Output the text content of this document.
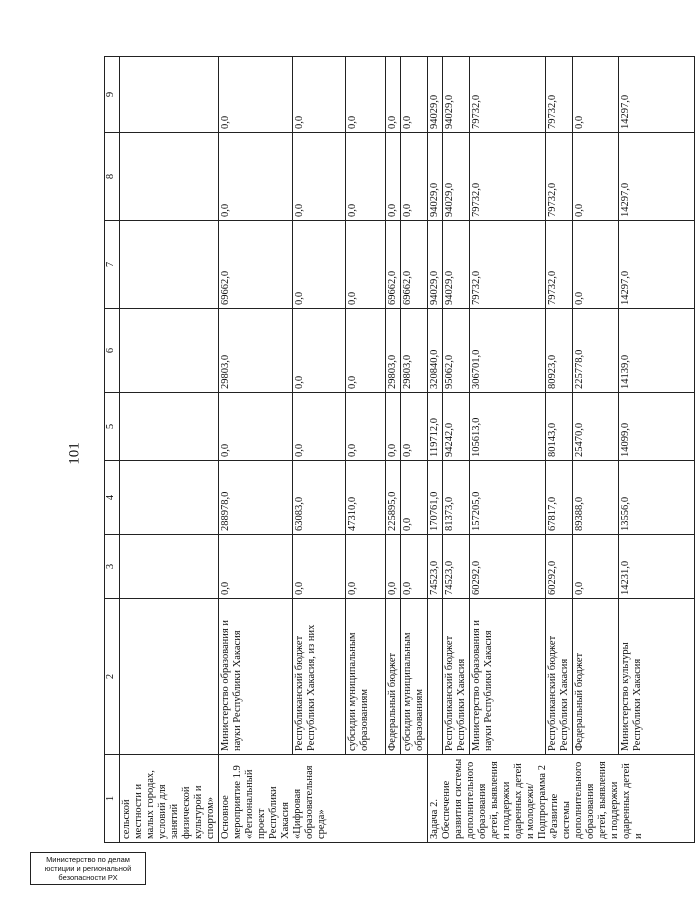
101
1	2	3	4	5	6	7	8	9
сельской местности и малых городах, условий для занятий физической культурой и спортом»								
Основное мероприятие 1.9 «Региональный проект Республики Хакасия «Цифровая образовательная среда»	Министерство образования и науки Республики Хакасия	0,0	288978,0	0,0	29803,0	69662,0	0,0	0,0
	Республиканский бюджет Республики Хакасия, из них	0,0	63083,0	0,0	0,0	0,0	0,0	0,0
	субсидии муниципальным образованиям	0,0	47310,0	0,0	0,0	0,0	0,0	0,0
	Федеральный бюджет	0,0	225895,0	0,0	29803,0	69662,0	0,0	0,0
	субсидии муниципальным образованиям	0,0	0,0	0,0	29803,0	69662,0	0,0	0,0
Задача 2. Обеспечение развития системы дополнительного образования детей, выявления и поддержки одаренных детей и молодежи/Подпрограмма 2 «Развитие системы дополнительного образования детей, выявления и поддержки одаренных детей и		74523,0	170761,0	119712,0	320840,0	94029,0	94029,0	94029,0
	Республиканский бюджет Республики Хакасия	74523,0	81373,0	94242,0	95062,0	94029,0	94029,0	94029,0
	Министерство образования и науки Республики Хакасия	60292,0	157205,0	105613,0	306701,0	79732,0	79732,0	79732,0
	Республиканский бюджет Республики Хакасия	60292,0	67817,0	80143,0	80923,0	79732,0	79732,0	79732,0
	Федеральный бюджет	0,0	89388,0	25470,0	225778,0	0,0	0,0	0,0
	Министерство культуры Республики Хакасия	14231,0	13556,0	14099,0	14139,0	14297,0	14297,0	14297,0
Министерство по делам
юстиции и региональной
безопасности РХ
